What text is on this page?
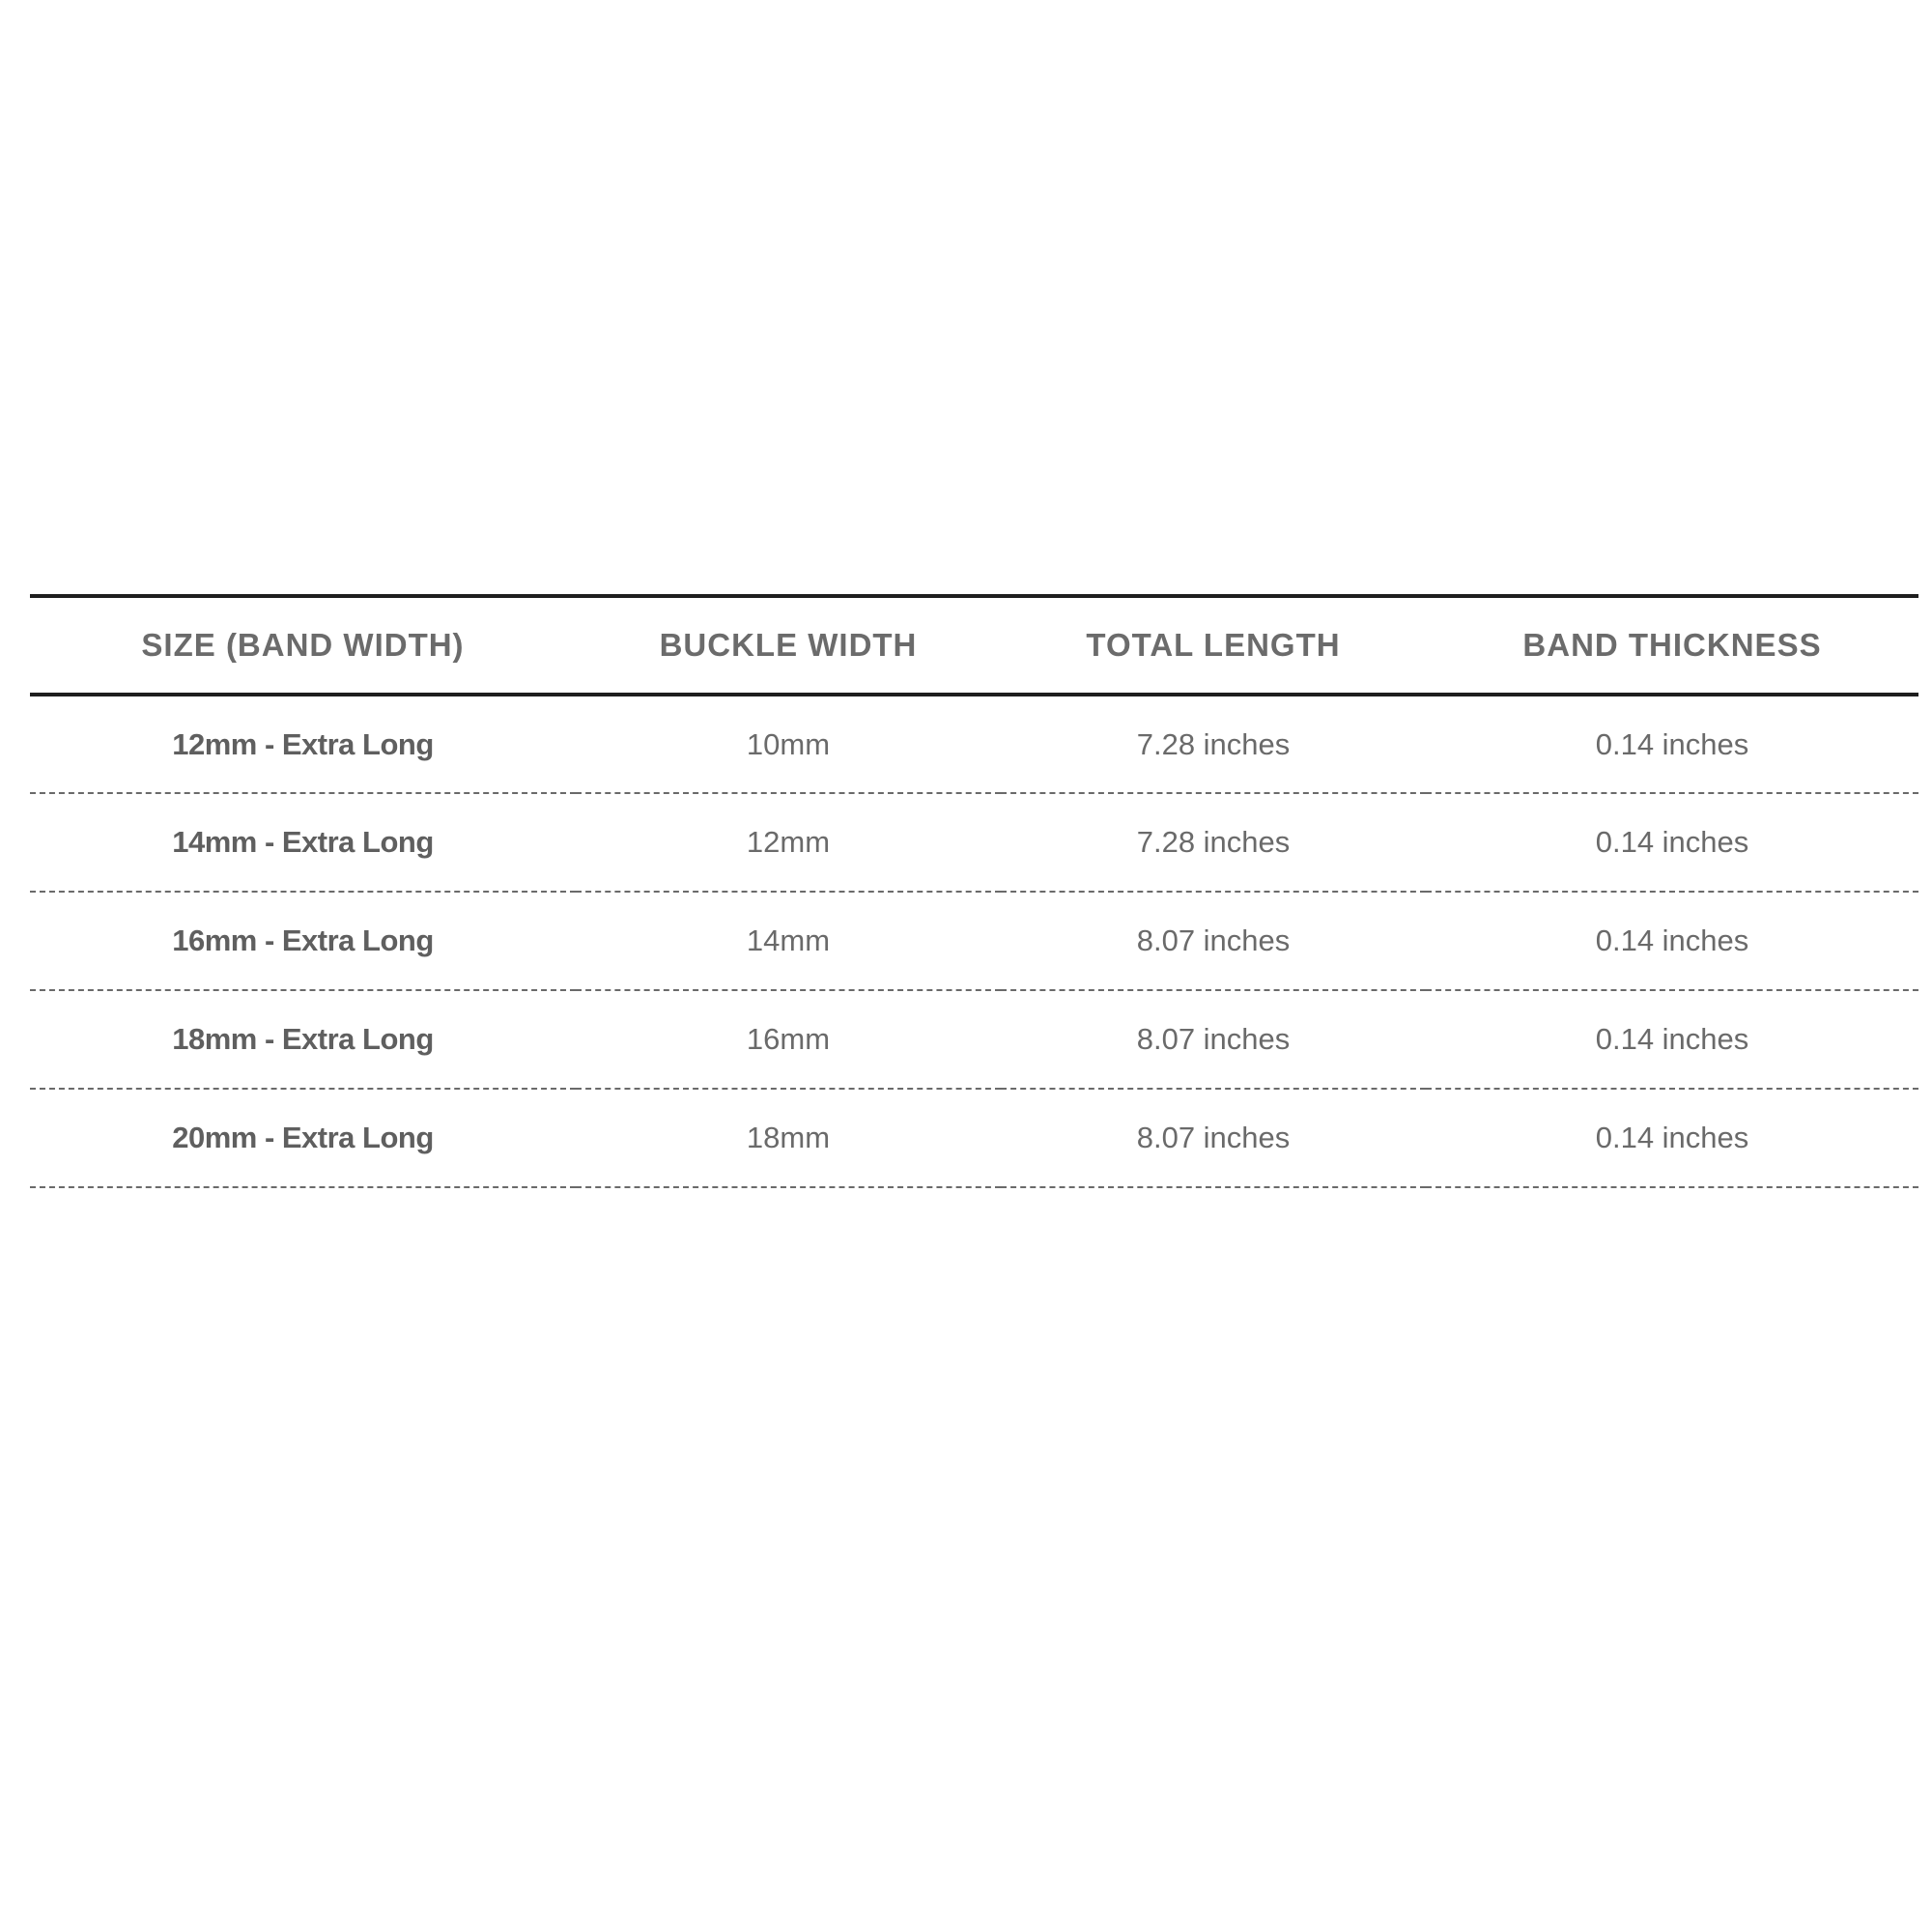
SIZE (BAND WIDTH)	BUCKLE WIDTH	TOTAL LENGTH	BAND THICKNESS
12mm - Extra Long	10mm	7.28 inches	0.14 inches
14mm - Extra Long	12mm	7.28 inches	0.14 inches
16mm - Extra Long	14mm	8.07 inches	0.14 inches
18mm - Extra Long	16mm	8.07 inches	0.14 inches
20mm - Extra Long	18mm	8.07 inches	0.14 inches
